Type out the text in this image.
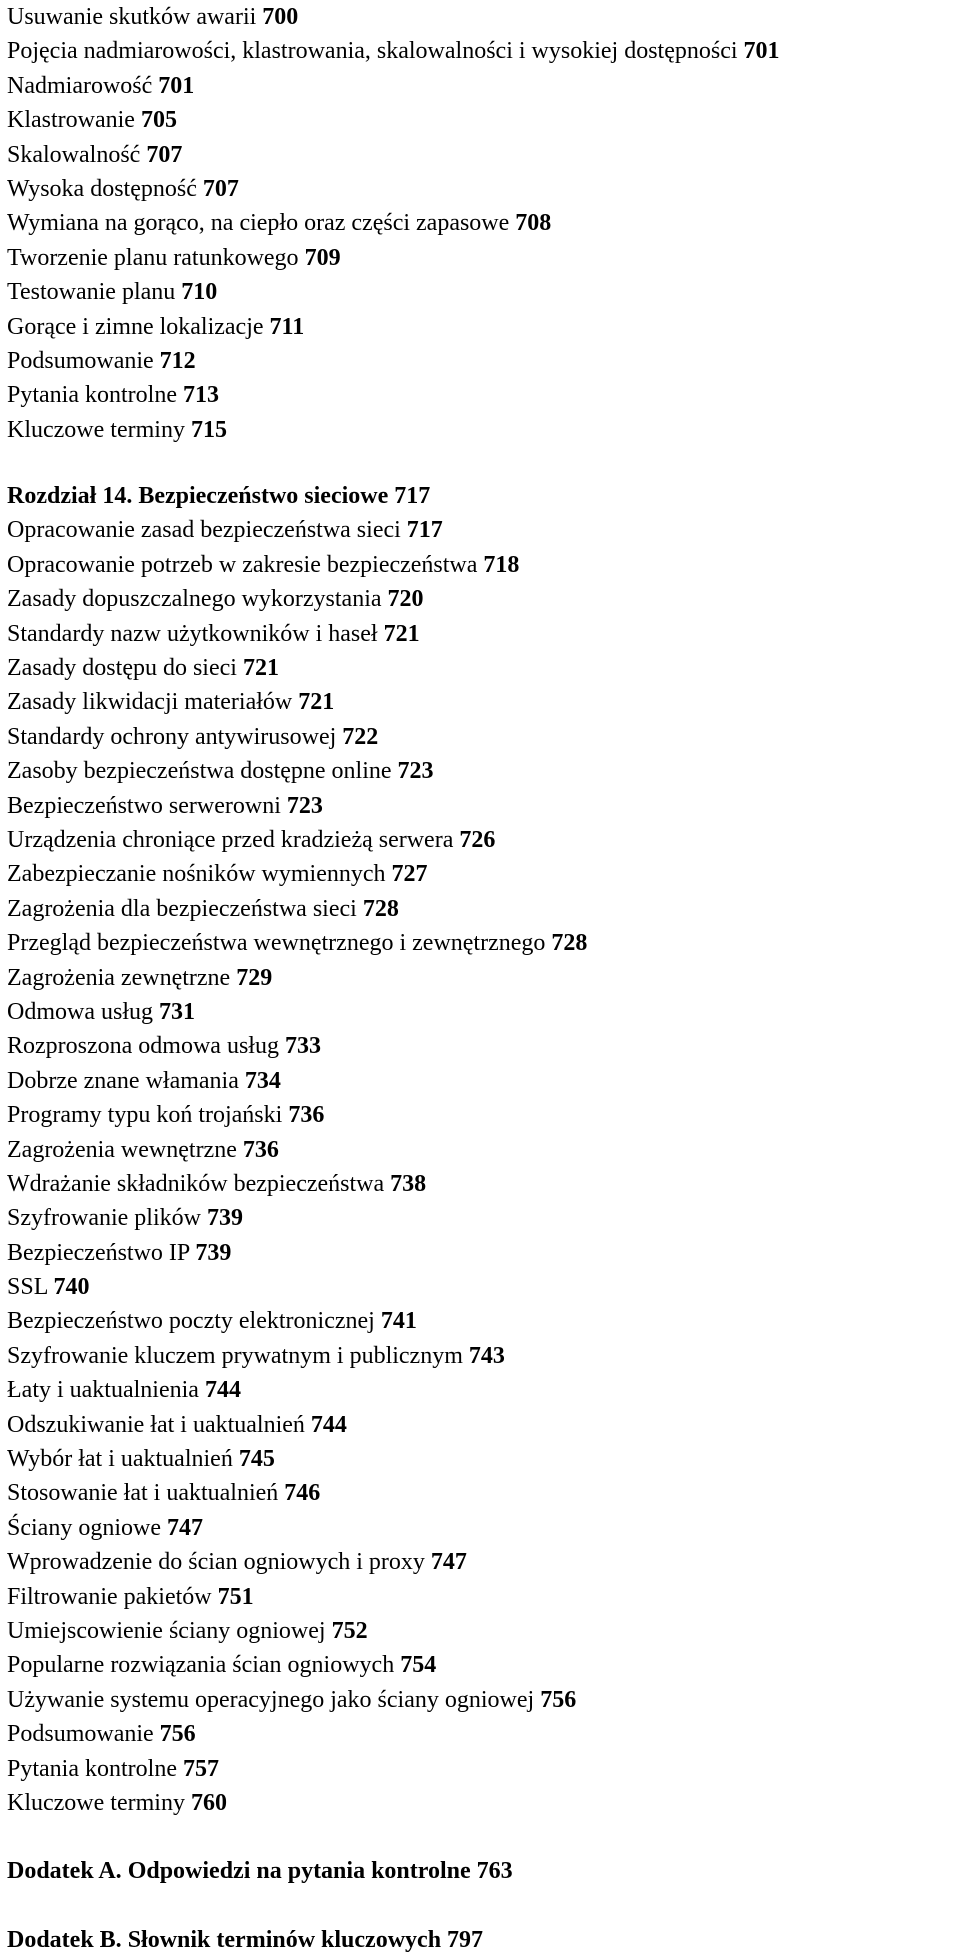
Usuwanie skutków awarii 700
Pojęcia nadmiarowości, klastrowania, skalowalności i wysokiej dostępności 701
Nadmiarowość 701
Klastrowanie 705
Skalowalność 707
Wysoka dostępność 707
Wymiana na gorąco, na ciepło oraz części zapasowe 708
Tworzenie planu ratunkowego 709
Testowanie planu 710
Gorące i zimne lokalizacje 711
Podsumowanie 712
Pytania kontrolne 713
Kluczowe terminy 715
Rozdział 14. Bezpieczeństwo sieciowe 717
Opracowanie zasad bezpieczeństwa sieci 717
Opracowanie potrzeb w zakresie bezpieczeństwa 718
Zasady dopuszczalnego wykorzystania 720
Standardy nazw użytkowników i haseł 721
Zasady dostępu do sieci 721
Zasady likwidacji materiałów 721
Standardy ochrony antywirusowej 722
Zasoby bezpieczeństwa dostępne online 723
Bezpieczeństwo serwerowni 723
Urządzenia chroniące przed kradzieżą serwera 726
Zabezpieczanie nośników wymiennych 727
Zagrożenia dla bezpieczeństwa sieci 728
Przegląd bezpieczeństwa wewnętrznego i zewnętrznego 728
Zagrożenia zewnętrzne 729
Odmowa usług 731
Rozproszona odmowa usług 733
Dobrze znane włamania 734
Programy typu koń trojański 736
Zagrożenia wewnętrzne 736
Wdrażanie składników bezpieczeństwa 738
Szyfrowanie plików 739
Bezpieczeństwo IP 739
SSL 740
Bezpieczeństwo poczty elektronicznej 741
Szyfrowanie kluczem prywatnym i publicznym 743
Łaty i uaktualnienia 744
Odszukiwanie łat i uaktualnień 744
Wybór łat i uaktualnień 745
Stosowanie łat i uaktualnień 746
Ściany ogniowe 747
Wprowadzenie do ścian ogniowych i proxy 747
Filtrowanie pakietów 751
Umiejscowienie ściany ogniowej 752
Popularne rozwiązania ścian ogniowych 754
Używanie systemu operacyjnego jako ściany ogniowej 756
Podsumowanie 756
Pytania kontrolne 757
Kluczowe terminy 760
Dodatek A. Odpowiedzi na pytania kontrolne 763
Dodatek B. Słownik terminów kluczowych 797
